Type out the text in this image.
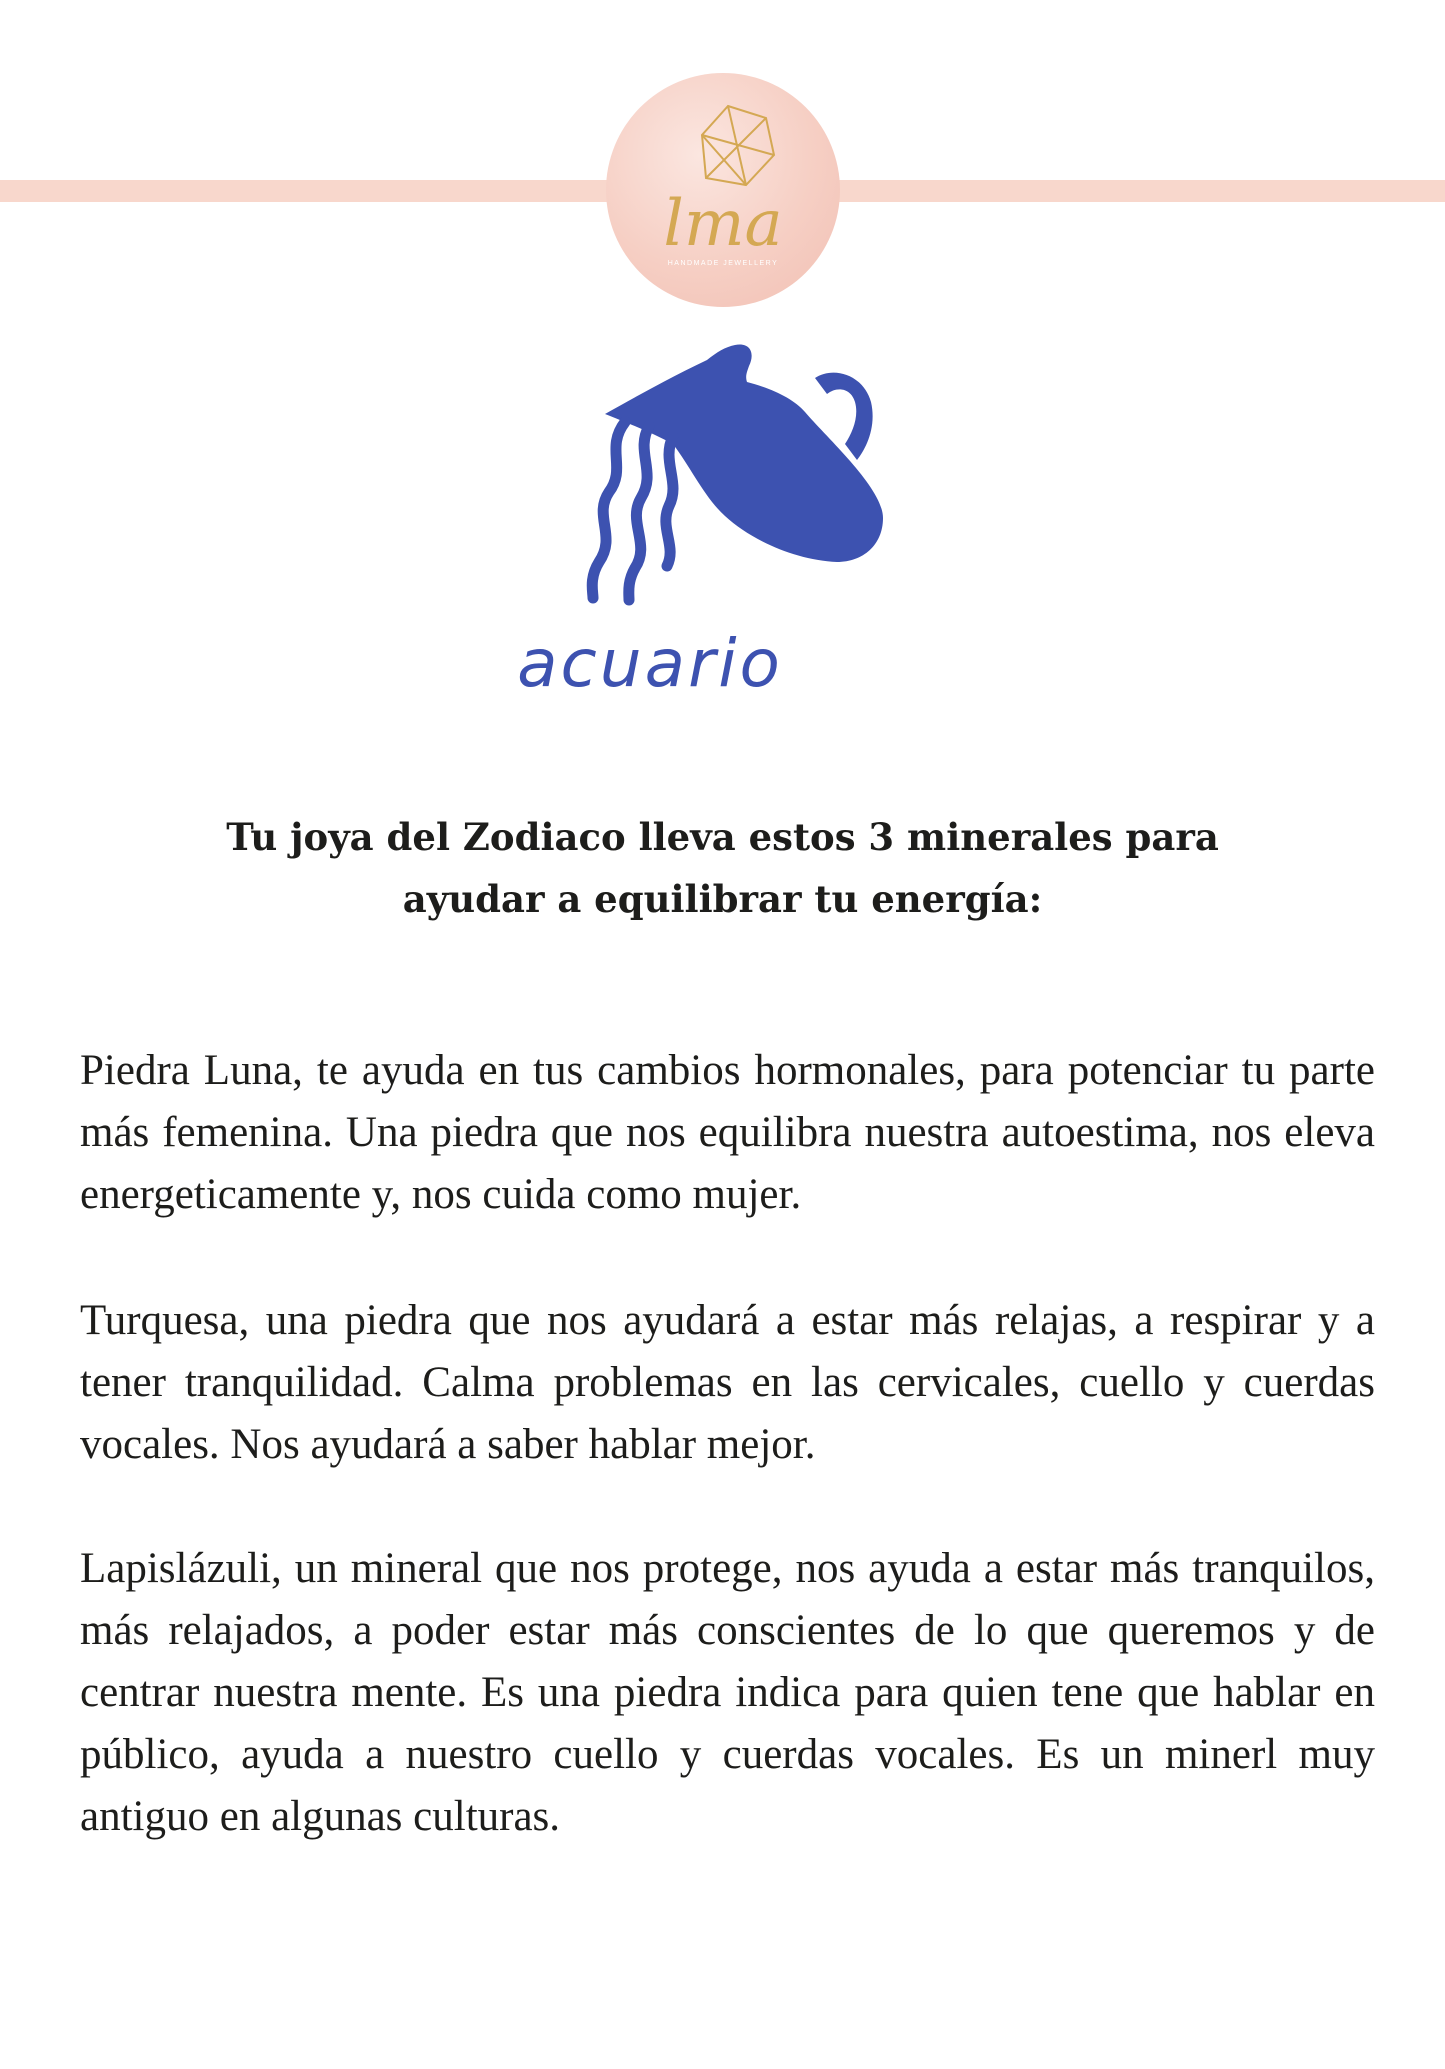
lma
HANDMADE JEWELLERY
acuario

Tu joya del Zodiaco lleva estos 3 minerales para ayudar a equilibrar tu energía:

Piedra Luna, te ayuda en tus cambios hormonales, para potenciar tu parte más femenina. Una piedra que nos equilibra nuestra autoestima, nos eleva energeticamente y, nos cuida como mujer.

Turquesa, una piedra que nos ayudará a estar más relajas, a respirar y a tener tranquilidad. Calma problemas en las cervicales, cuello y cuerdas vocales. Nos ayudará a saber hablar mejor.

Lapislázuli, un mineral que nos protege, nos ayuda a estar más tranquilos, más relajados, a poder estar más conscientes de lo que queremos y de centrar nuestra mente. Es una piedra indica para quien tene que hablar en público, ayuda a nuestro cuello y cuerdas vocales. Es un minerl muy antiguo en algunas culturas.
